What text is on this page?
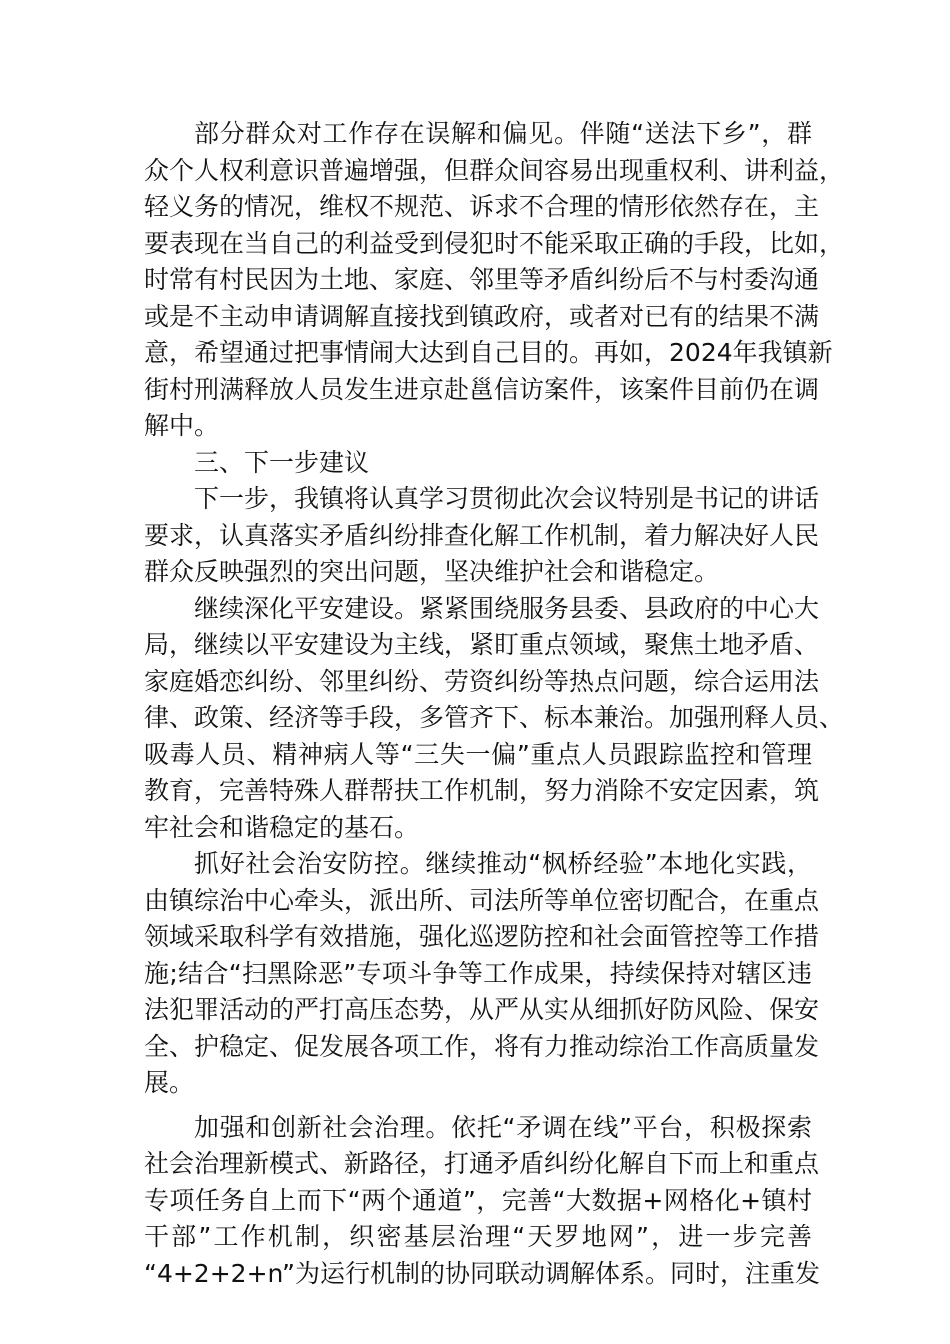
部分群众对工作存在误解和偏见。伴随“送法下乡”，群
众个人权利意识普遍增强，但群众间容易出现重权利、讲利益，
轻义务的情况，维权不规范、诉求不合理的情形依然存在，主
要表现在当自己的利益受到侵犯时不能采取正确的手段，比如，
时常有村民因为土地、家庭、邻里等矛盾纠纷后不与村委沟通
或是不主动申请调解直接找到镇政府，或者对已有的结果不满
意，希望通过把事情闹大达到自己目的。再如，2024年我镇新
街村刑满释放人员发生进京赴邕信访案件，该案件目前仍在调
解中。
三、下一步建议
下一步，我镇将认真学习贯彻此次会议特别是书记的讲话
要求，认真落实矛盾纠纷排查化解工作机制，着力解决好人民
群众反映强烈的突出问题，坚决维护社会和谐稳定。
继续深化平安建设。紧紧围绕服务县委、县政府的中心大
局，继续以平安建设为主线，紧盯重点领域，聚焦土地矛盾、
家庭婚恋纠纷、邻里纠纷、劳资纠纷等热点问题，综合运用法
律、政策、经济等手段，多管齐下、标本兼治。加强刑释人员、
吸毒人员、精神病人等“三失一偏”重点人员跟踪监控和管理
教育，完善特殊人群帮扶工作机制，努力消除不安定因素，筑
牢社会和谐稳定的基石。
抓好社会治安防控。继续推动“枫桥经验”本地化实践，
由镇综治中心牵头，派出所、司法所等单位密切配合，在重点
领域采取科学有效措施，强化巡逻防控和社会面管控等工作措
施;结合“扫黑除恶”专项斗争等工作成果，持续保持对辖区违
法犯罪活动的严打高压态势，从严从实从细抓好防风险、保安
全、护稳定、促发展各项工作，将有力推动综治工作高质量发
展。
加强和创新社会治理。依托“矛调在线”平台，积极探索
社会治理新模式、新路径，打通矛盾纠纷化解自下而上和重点
专项任务自上而下“两个通道”，完善“大数据+网格化+镇村
干部”工作机制，织密基层治理“天罗地网”，进一步完善
“4+2+2+n”为运行机制的协同联动调解体系。同时，注重发
